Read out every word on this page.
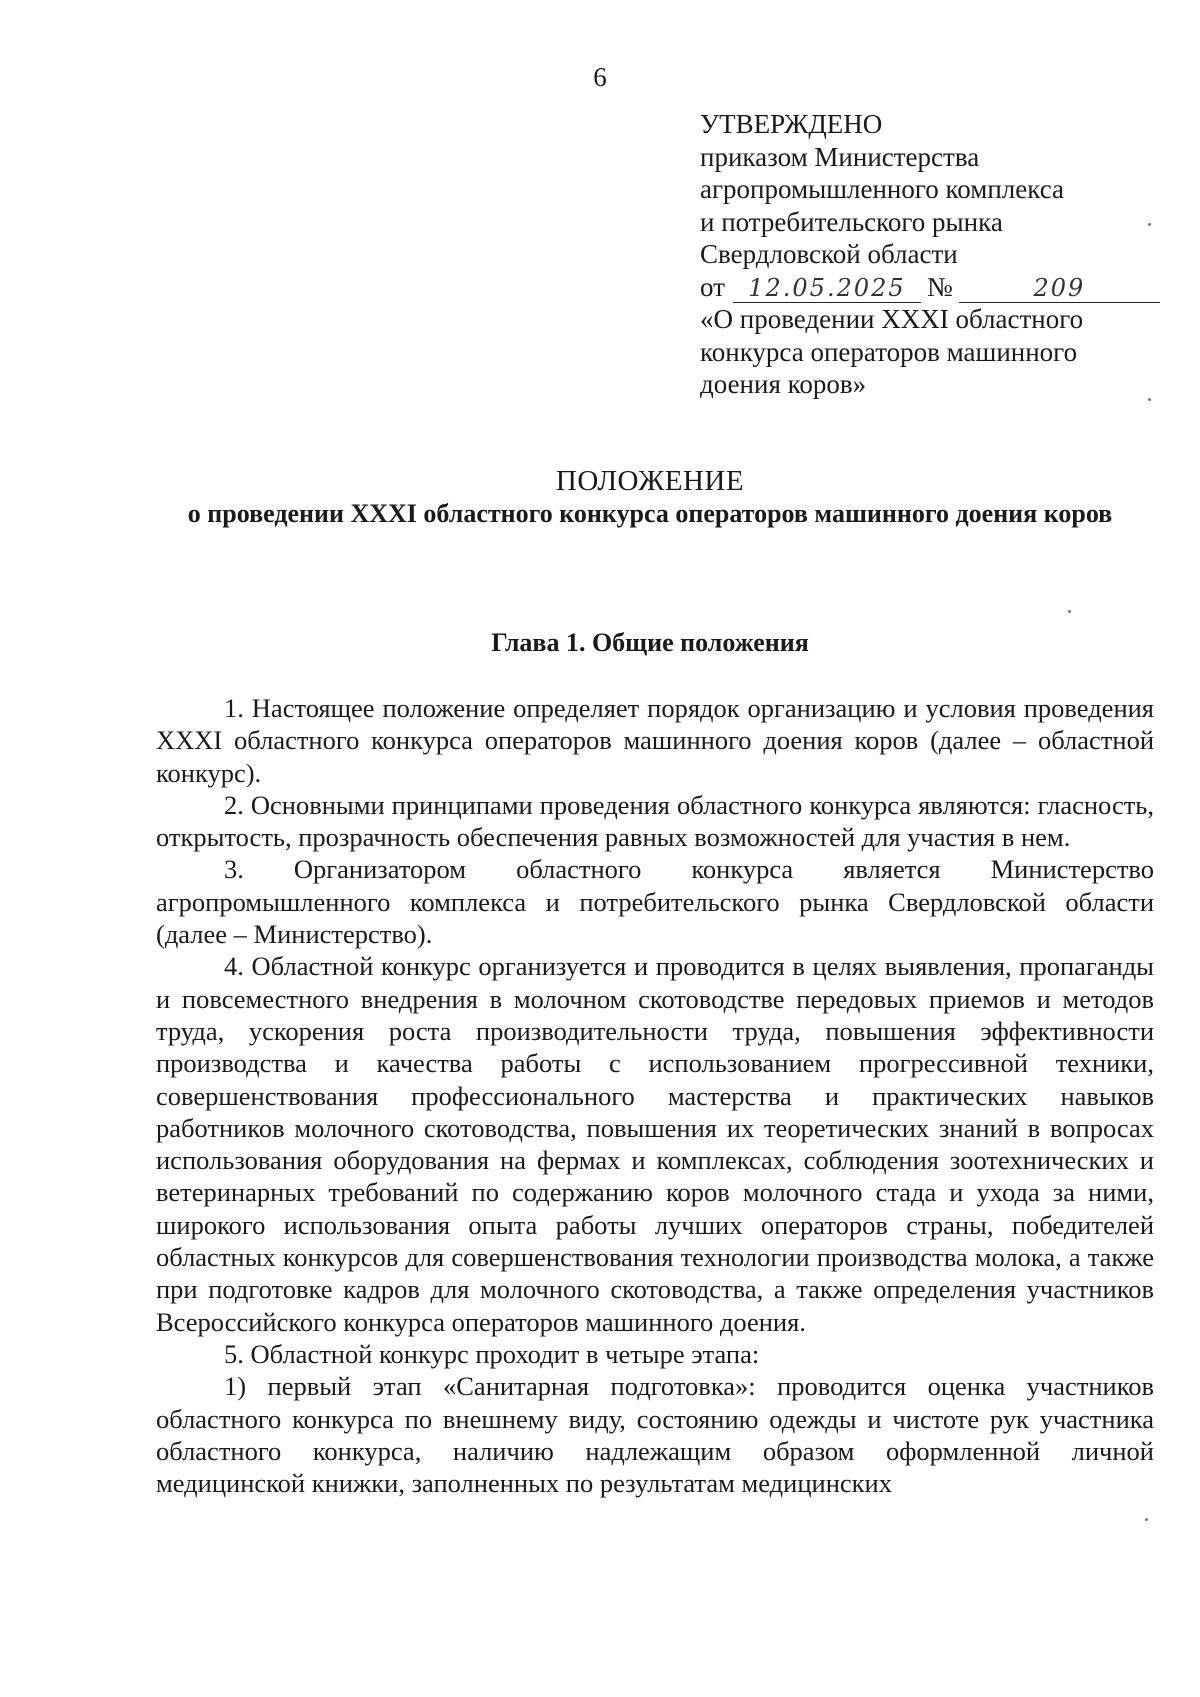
6
УТВЕРЖДЕНО
приказом Министерства
агропромышленного комплекса
и потребительского рынка
Свердловской области
от 12.05.2025 №	209
«О проведении XXXI областного
конкурса операторов машинного
доения коров»
ПОЛОЖЕНИЕ
о проведении XXXI областного конкурса операторов машинного доения коров
Глава 1. Общие положения

1. Настоящее положение определяет порядок организацию и условия проведения XXXI областного конкурса операторов машинного доения коров (далее – областной конкурс).

2. Основными принципами проведения областного конкурса являются: гласность, открытость, прозрачность обеспечения равных возможностей для участия в нем.

3. Организатором областного конкурса является Министерство агропромышленного комплекса и потребительского рынка Свердловской области (далее – Министерство).

4. Областной конкурс организуется и проводится в целях выявления, пропаганды и повсеместного внедрения в молочном скотоводстве передовых приемов и методов труда, ускорения роста производительности труда, повышения эффективности производства и качества работы с использованием прогрессивной техники, совершенствования профессионального мастерства и практических навыков работников молочного скотоводства, повышения их теоретических знаний в вопросах использования оборудования на фермах и комплексах, соблюдения зоотехнических и ветеринарных требований по содержанию коров молочного стада и ухода за ними, широкого использования опыта работы лучших операторов страны, победителей областных конкурсов для совершенствования технологии производства молока, а также при подготовке кадров для молочного скотоводства, а также определения участников Всероссийского конкурса операторов машинного доения.

5. Областной конкурс проходит в четыре этапа:

1) первый этап «Санитарная подготовка»: проводится оценка участников областного конкурса по внешнему виду, состоянию одежды и чистоте рук участника областного конкурса, наличию надлежащим образом оформленной личной медицинской книжки, заполненных по результатам медицинских
